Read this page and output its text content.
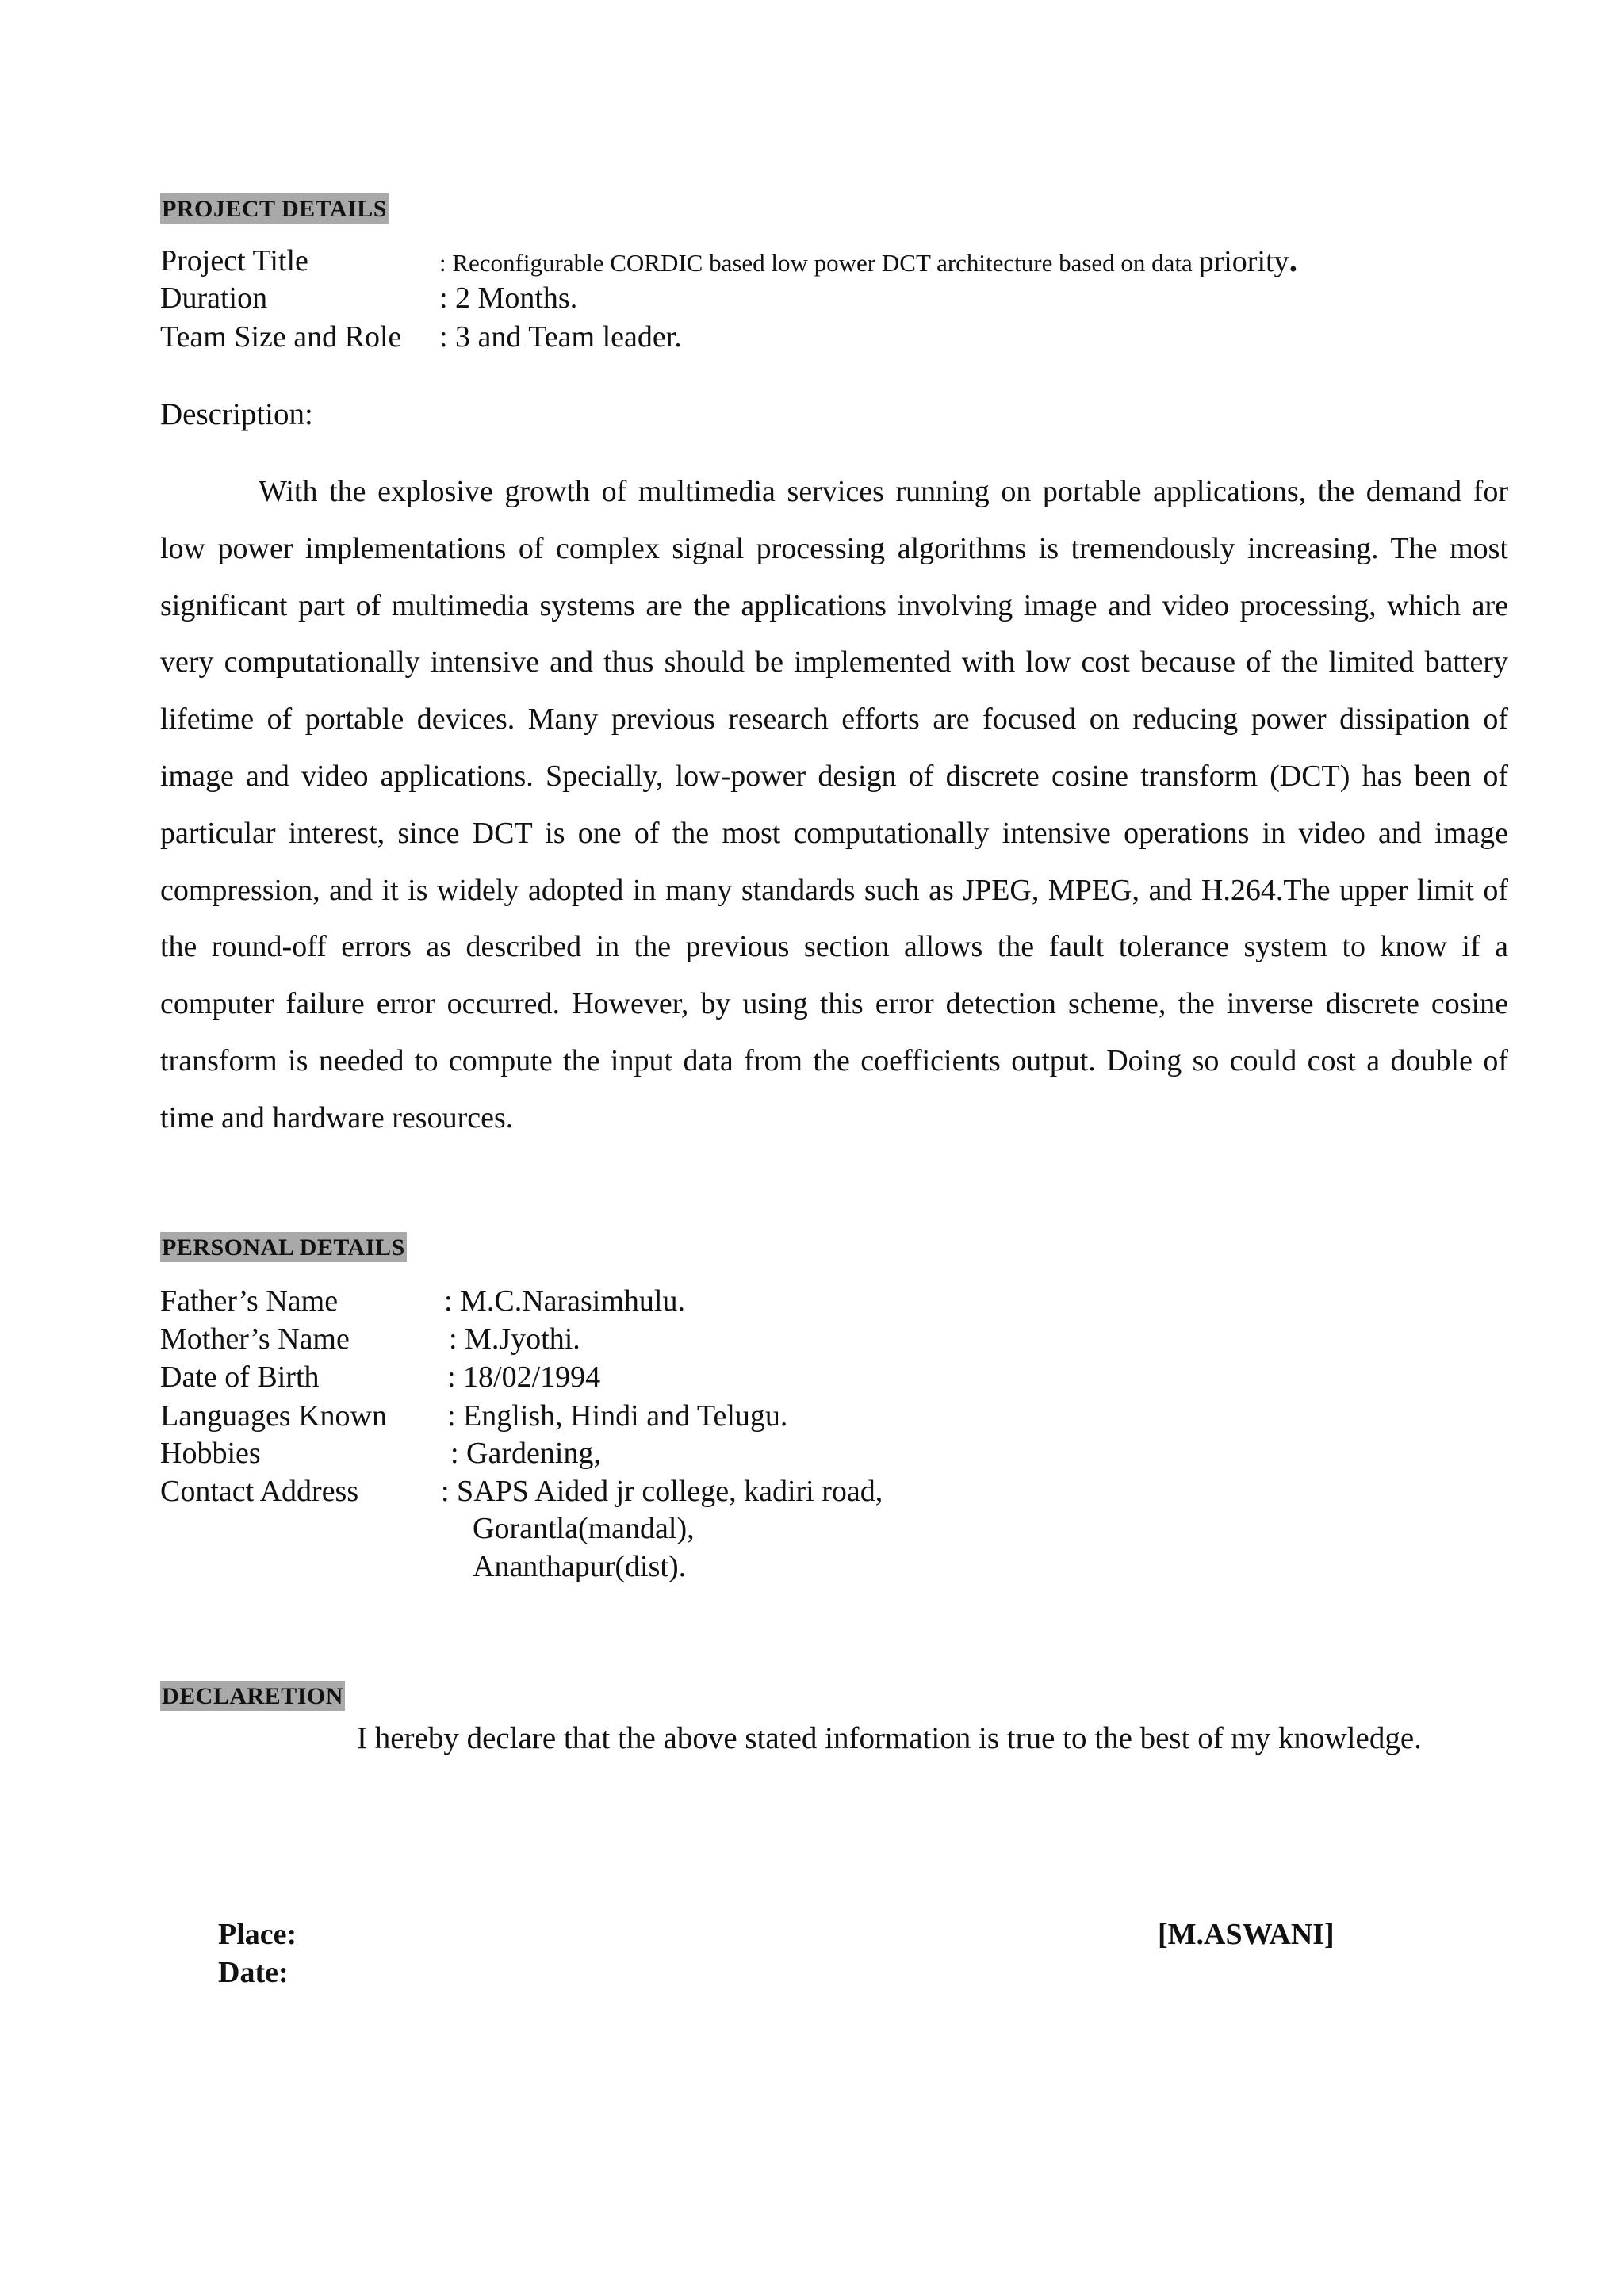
PROJECT DETAILS
Project Title	: Reconfigurable CORDIC based low power DCT architecture based on data priority.
Duration	: 2 Months.
Team Size and Role : 3 and Team leader.
Description:

With the explosive growth of multimedia services running on portable applications, the demand for low power implementations of complex signal processing algorithms is tremendously increasing. The most significant part of multimedia systems are the applications involving image and video processing, which are very computationally intensive and thus should be implemented with low cost because of the limited battery lifetime of portable devices. Many previous research efforts are focused on reducing power dissipation of image and video applications. Specially, low-power design of discrete cosine transform (DCT) has been of particular interest, since DCT is one of the most computationally intensive operations in video and image compression, and it is widely adopted in many standards such as JPEG, MPEG, and H.264.The upper limit of the round-off errors as described in the previous section allows the fault tolerance system to know if a computer failure error occurred. However, by using this error detection scheme, the inverse discrete cosine transform is needed to compute the input data from the coefficients output. Doing so could cost a double of time and hardware resources.

PERSONAL DETAILS
Father’s Name	: M.C.Narasimhulu.
Mother’s Name	: M.Jyothi.
Date of Birth	: 18/02/1994
Languages Known : English, Hindi and Telugu.
Hobbies	: Gardening,
Contact Address	: SAPS Aided jr college, kadiri road,
Gorantla(mandal),
Ananthapur(dist).
DECLARETION
I hereby declare that the above stated information is true to the best of my knowledge.
Place:
Date:
[M.ASWANI]
